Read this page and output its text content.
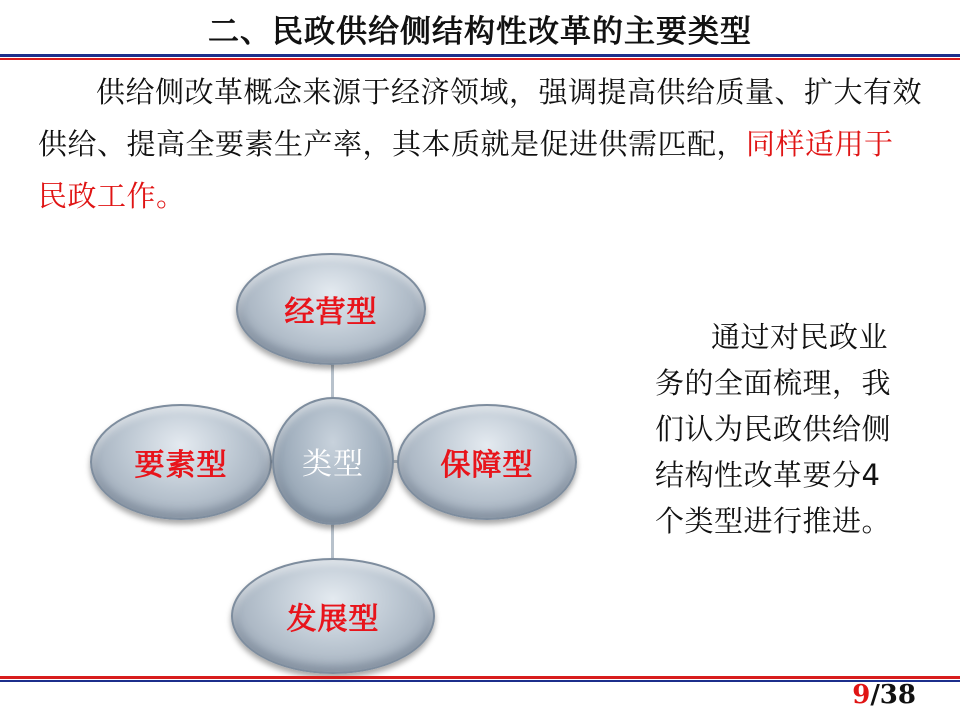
二、民政供给侧结构性改革的主要类型
供给侧改革概念来源于经济领域，强调提高供给质量、扩大有效供给、提高全要素生产率，其本质就是促进供需匹配，同样适用于民政工作。
经营型
要素型	保障型
发展型
类型
通过对民政业务的全面梳理，我们认为民政供给侧结构性改革要分4个类型进行推进。
9/38
